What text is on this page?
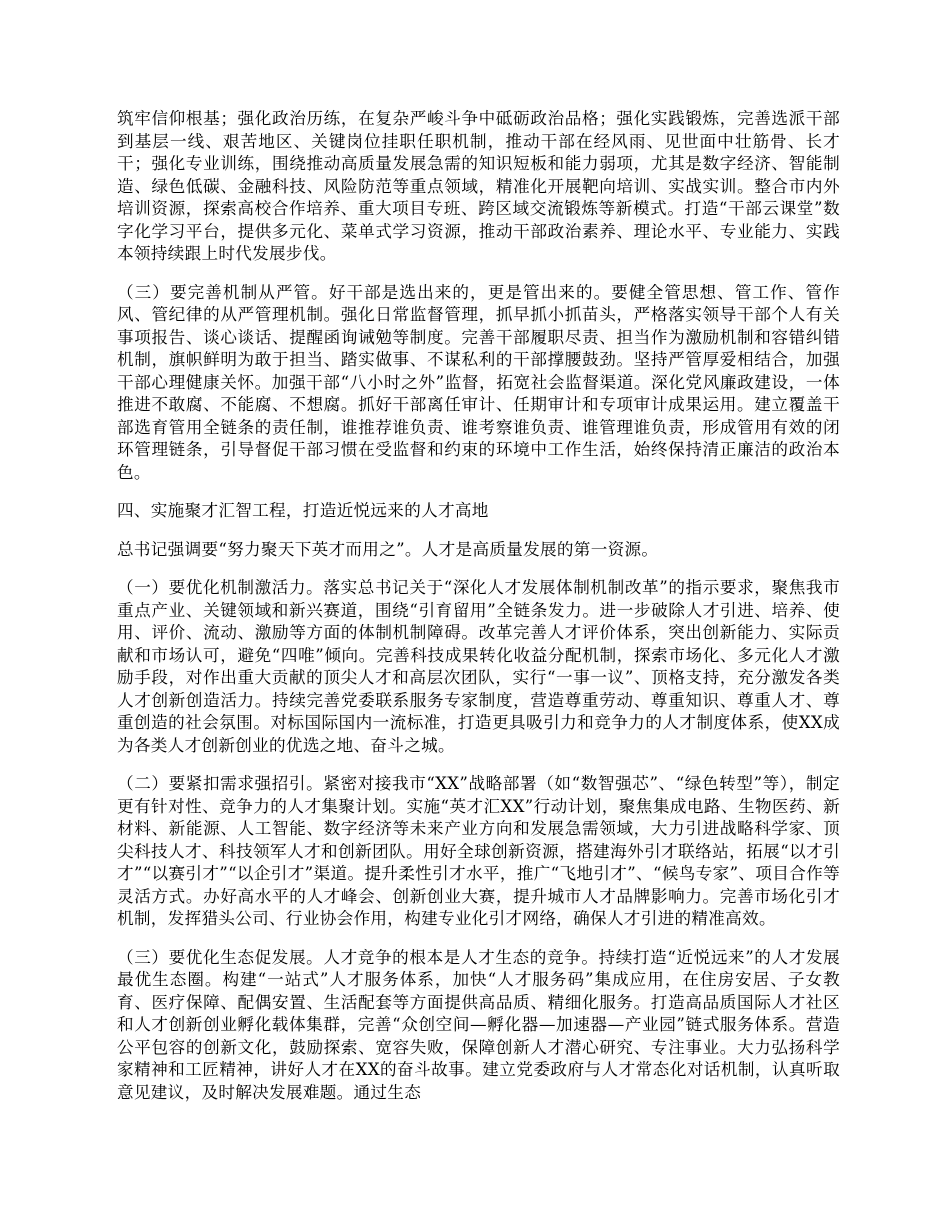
筑牢信仰根基；强化政治历练，在复杂严峻斗争中砥砺政治品格；强化实践锻炼，完善选派干部到基层一线、艰苦地区、关键岗位挂职任职机制，推动干部在经风雨、见世面中壮筋骨、长才干；强化专业训练，围绕推动高质量发展急需的知识短板和能力弱项，尤其是数字经济、智能制造、绿色低碳、金融科技、风险防范等重点领域，精准化开展靶向培训、实战实训。整合市内外培训资源，探索高校合作培养、重大项目专班、跨区域交流锻炼等新模式。打造“干部云课堂”数字化学习平台，提供多元化、菜单式学习资源，推动干部政治素养、理论水平、专业能力、实践本领持续跟上时代发展步伐。

（三）要完善机制从严管。好干部是选出来的，更是管出来的。要健全管思想、管工作、管作风、管纪律的从严管理机制。强化日常监督管理，抓早抓小抓苗头，严格落实领导干部个人有关事项报告、谈心谈话、提醒函询诫勉等制度。完善干部履职尽责、担当作为激励机制和容错纠错机制，旗帜鲜明为敢于担当、踏实做事、不谋私利的干部撑腰鼓劲。坚持严管厚爱相结合，加强干部心理健康关怀。加强干部“八小时之外”监督，拓宽社会监督渠道。深化党风廉政建设，一体推进不敢腐、不能腐、不想腐。抓好干部离任审计、任期审计和专项审计成果运用。建立覆盖干部选育管用全链条的责任制，谁推荐谁负责、谁考察谁负责、谁管理谁负责，形成管用有效的闭环管理链条，引导督促干部习惯在受监督和约束的环境中工作生活，始终保持清正廉洁的政治本色。

四、实施聚才汇智工程，打造近悦远来的人才高地

总书记强调要“努力聚天下英才而用之”。人才是高质量发展的第一资源。

（一）要优化机制激活力。落实总书记关于“深化人才发展体制机制改革”的指示要求，聚焦我市重点产业、关键领域和新兴赛道，围绕“引育留用”全链条发力。进一步破除人才引进、培养、使用、评价、流动、激励等方面的体制机制障碍。改革完善人才评价体系，突出创新能力、实际贡献和市场认可，避免“四唯”倾向。完善科技成果转化收益分配机制，探索市场化、多元化人才激励手段，对作出重大贡献的顶尖人才和高层次团队，实行“一事一议”、顶格支持，充分激发各类人才创新创造活力。持续完善党委联系服务专家制度，营造尊重劳动、尊重知识、尊重人才、尊重创造的社会氛围。对标国际国内一流标准，打造更具吸引力和竞争力的人才制度体系，使XX成为各类人才创新创业的优选之地、奋斗之城。

（二）要紧扣需求强招引。紧密对接我市“XX”战略部署（如“数智强芯”、“绿色转型”等），制定更有针对性、竞争力的人才集聚计划。实施“英才汇XX”行动计划，聚焦集成电路、生物医药、新材料、新能源、人工智能、数字经济等未来产业方向和发展急需领域，大力引进战略科学家、顶尖科技人才、科技领军人才和创新团队。用好全球创新资源，搭建海外引才联络站，拓展“以才引才”“以赛引才”“以企引才”渠道。提升柔性引才水平，推广“飞地引才”、“候鸟专家”、项目合作等灵活方式。办好高水平的人才峰会、创新创业大赛，提升城市人才品牌影响力。完善市场化引才机制，发挥猎头公司、行业协会作用，构建专业化引才网络，确保人才引进的精准高效。

（三）要优化生态促发展。人才竞争的根本是人才生态的竞争。持续打造“近悦远来”的人才发展最优生态圈。构建“一站式”人才服务体系，加快“人才服务码”集成应用，在住房安居、子女教育、医疗保障、配偶安置、生活配套等方面提供高品质、精细化服务。打造高品质国际人才社区和人才创新创业孵化载体集群，完善“众创空间—孵化器—加速器—产业园”链式服务体系。营造公平包容的创新文化，鼓励探索、宽容失败，保障创新人才潜心研究、专注事业。大力弘扬科学家精神和工匠精神，讲好人才在XX的奋斗故事。建立党委政府与人才常态化对话机制，认真听取意见建议，及时解决发展难题。通过生态
